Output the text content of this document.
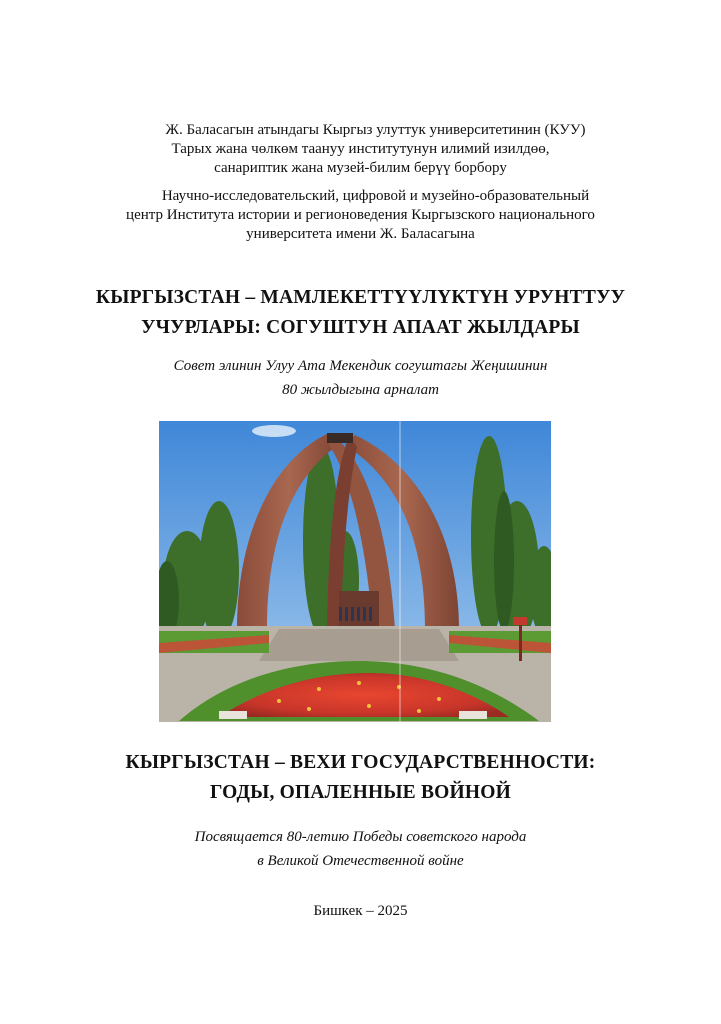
Ж. Баласагын атындагы Кыргыз улуттук университетинин (КУУ)
Тарых жана чөлкөм таануу институтунун илимий изилдөө,
санариптик жана музей-билим берүү борбору
Научно-исследовательский, цифровой и музейно-образовательный
центр Института истории и регионоведения Кыргызского национального
университета имени Ж. Баласагына
КЫРГЫЗСТАН – МАМЛЕКЕТТҮҮЛҮКТҮН УРУНТТУУ
УЧУРЛАРЫ: СОГУШТУН АПААТ ЖЫЛДАРЫ
Совет элинин Улуу Ата Мекендик согуштагы Жеңишинин
80 жылдыгына арналат
КЫРГЫЗСТАН – ВЕХИ ГОСУДАРСТВЕННОСТИ:
ГОДЫ, ОПАЛЕННЫЕ ВОЙНОЙ
Посвящается 80-летию Победы советского народа
в Великой Отечественной войне
Бишкек – 2025
